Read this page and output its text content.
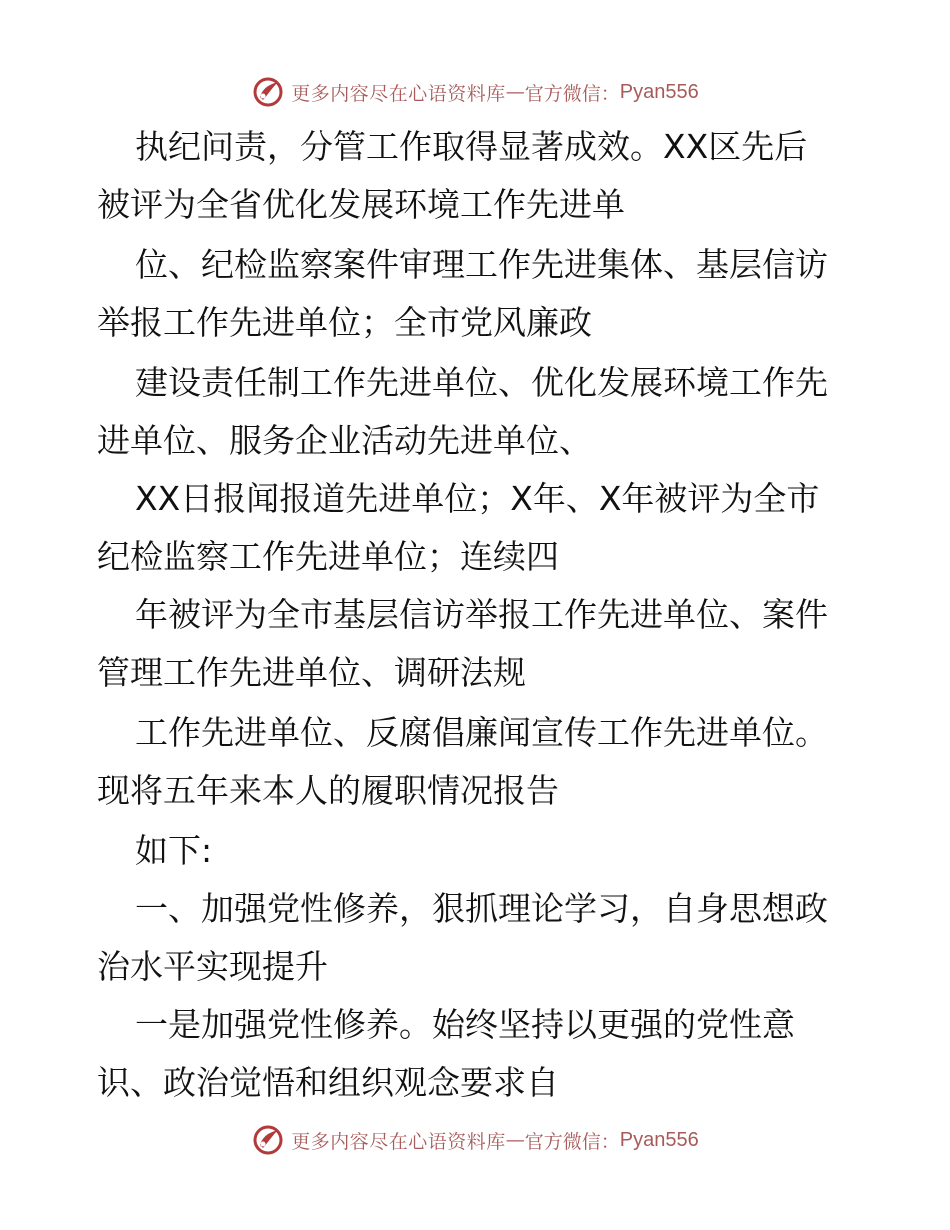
更多内容尽在心语资料库 — 官方微信： Pyan556
执纪问责，分管工作取得显著成效。XX区先后
被评为全省优化发展环境工作先进单
位、纪检监察案件审理工作先进集体、基层信访
举报工作先进单位；全市党风廉政
建设责任制工作先进单位、优化发展环境工作先
进单位、服务企业活动先进单位、
XX日报闻报道先进单位；X年、X年被评为全市
纪检监察工作先进单位；连续四
年被评为全市基层信访举报工作先进单位、案件
管理工作先进单位、调研法规
工作先进单位、反腐倡廉闻宣传工作先进单位。
现将五年来本人的履职情况报告
如下:
一、加强党性修养，狠抓理论学习，自身思想政
治水平实现提升
一是加强党性修养。始终坚持以更强的党性意
识、政治觉悟和组织观念要求自
更多内容尽在心语资料库 — 官方微信： Pyan556
